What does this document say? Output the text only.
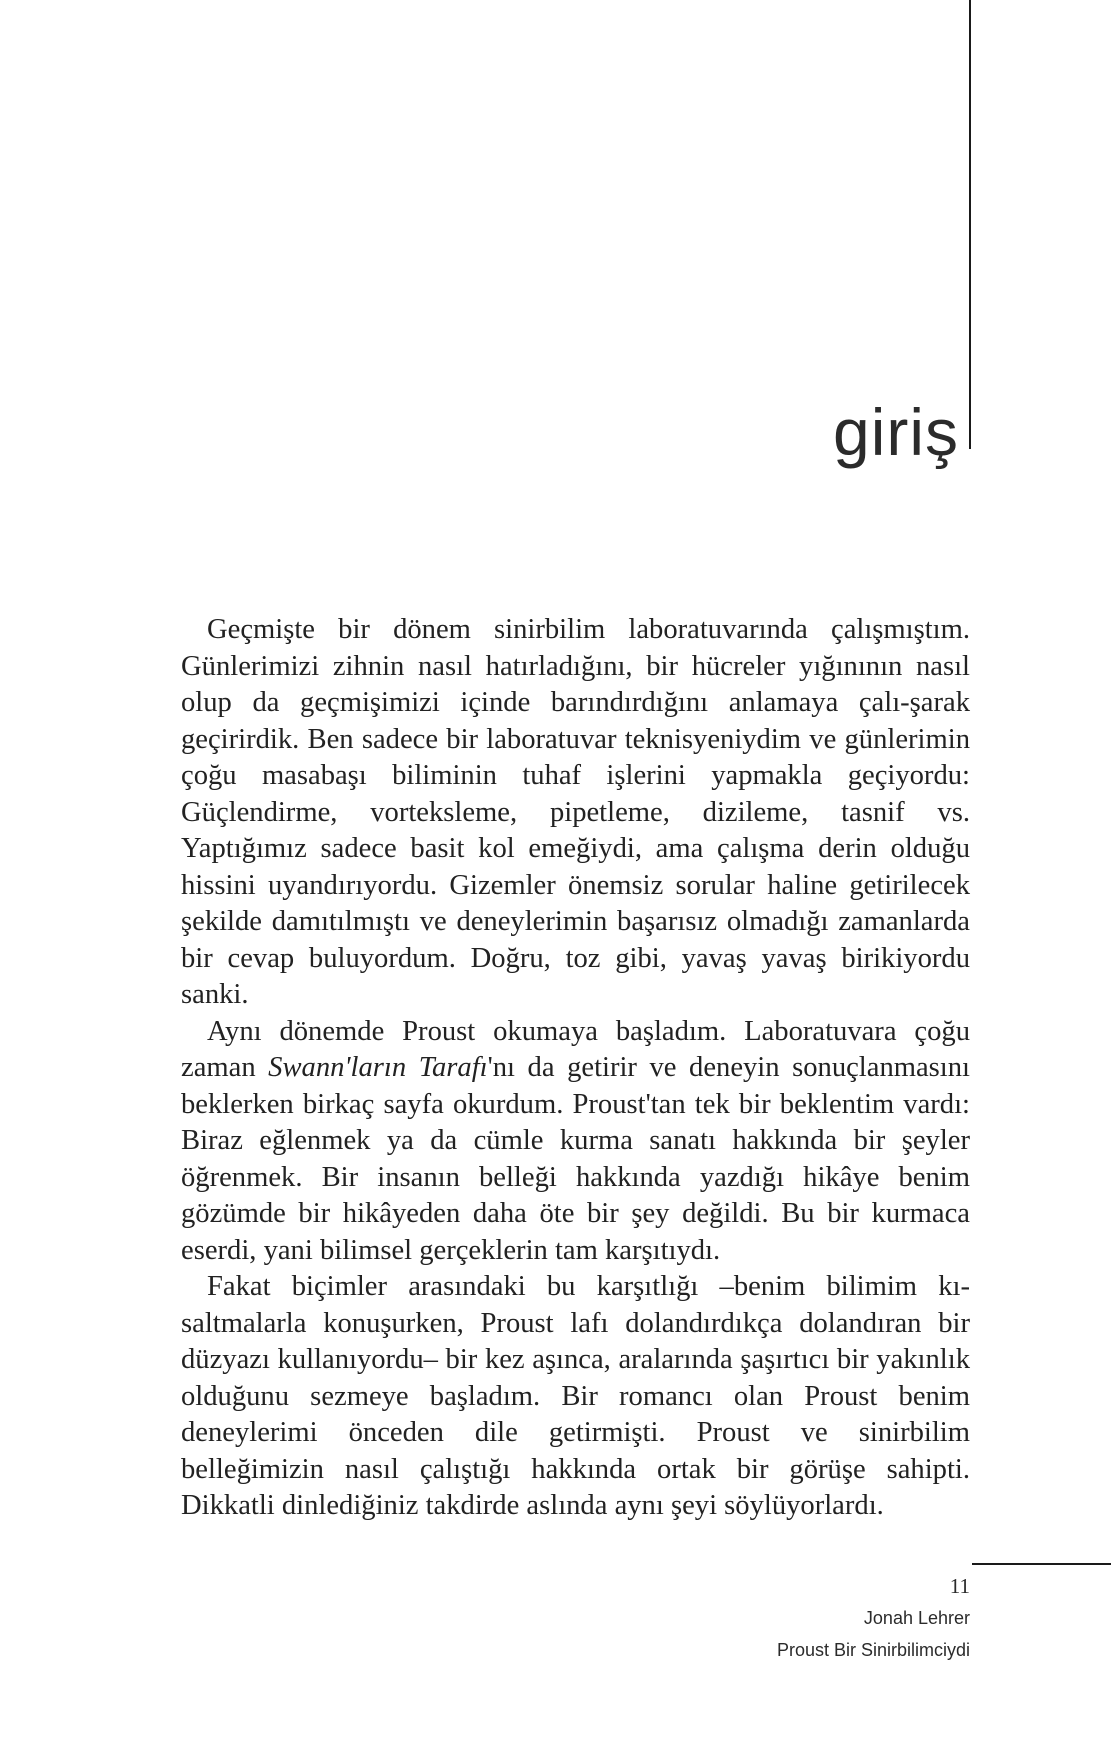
giriş

Geçmişte bir dönem sinirbilim laboratuvarında çalışmıştım. Günlerimizi zihnin nasıl hatırladığını, bir hücreler yığınının nasıl olup da geçmişimizi içinde barındırdığını anlamaya çalı-şarak geçirirdik. Ben sadece bir laboratuvar teknisyeniydim ve günlerimin çoğu masabaşı biliminin tuhaf işlerini yapmakla geçiyordu: Güçlendirme, vorteksleme, pipetleme, dizileme, tasnif vs. Yaptığımız sadece basit kol emeğiydi, ama çalışma derin olduğu hissini uyandırıyordu. Gizemler önemsiz sorular haline getirilecek şekilde damıtılmıştı ve deneylerimin başarısız olmadığı zamanlarda bir cevap buluyordum. Doğru, toz gibi, yavaş yavaş birikiyordu sanki.

Aynı dönemde Proust okumaya başladım. Laboratuvara çoğu zaman Swann'ların Tarafı'nı da getirir ve deneyin sonuçlanmasını beklerken birkaç sayfa okurdum. Proust'tan tek bir beklentim vardı: Biraz eğlenmek ya da cümle kurma sanatı hakkında bir şeyler öğrenmek. Bir insanın belleği hakkında yazdığı hikâye benim gözümde bir hikâyeden daha öte bir şey değildi. Bu bir kurmaca eserdi, yani bilimsel gerçeklerin tam karşıtıydı.

Fakat biçimler arasındaki bu karşıtlığı –benim bilimim kı-saltmalarla konuşurken, Proust lafı dolandırdıkça dolandıran bir düzyazı kullanıyordu– bir kez aşınca, aralarında şaşırtıcı bir yakınlık olduğunu sezmeye başladım. Bir romancı olan Proust benim deneylerimi önceden dile getirmişti. Proust ve sinirbilim belleğimizin nasıl çalıştığı hakkında ortak bir görüşe sahipti. Dikkatli dinlediğiniz takdirde aslında aynı şeyi söylüyorlardı.

11
Jonah Lehrer
Proust Bir Sinirbilimciydi
